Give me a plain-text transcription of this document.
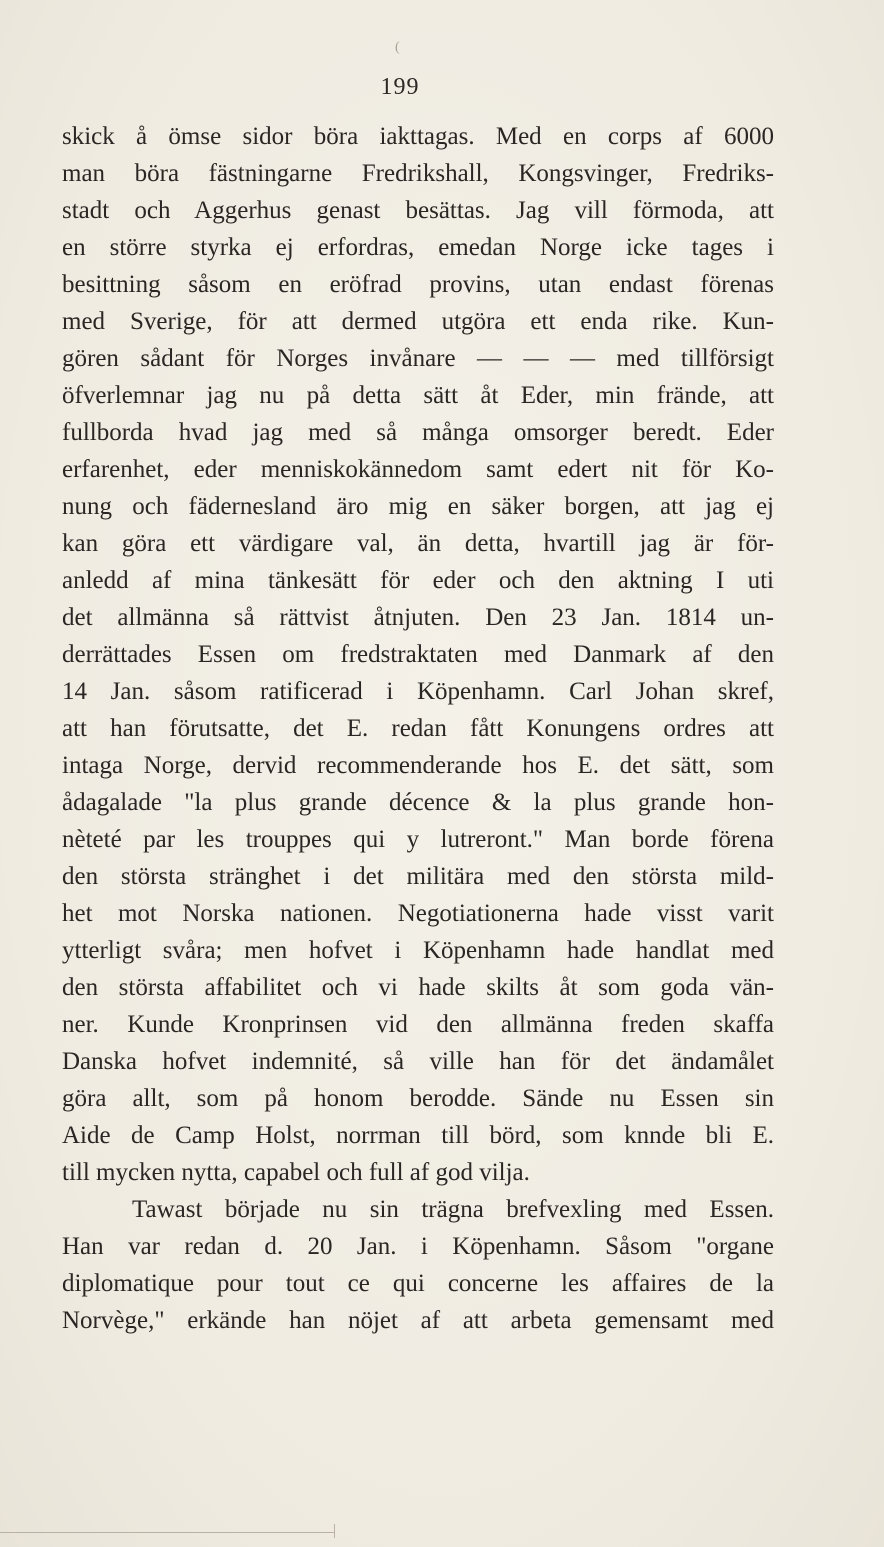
(
199
skick å ömse sidor böra iakttagas. Med en corps af 6000
man böra fästningarne Fredrikshall, Kongsvinger, Fredriks-
stadt och Aggerhus genast besättas. Jag vill förmoda, att
en större styrka ej erfordras, emedan Norge icke tages i
besittning såsom en eröfrad provins, utan endast förenas
med Sverige, för att dermed utgöra ett enda rike. Kun-
gören sådant för Norges invånare — — — med tillförsigt
öfverlemnar jag nu på detta sätt åt Eder, min frände, att
fullborda hvad jag med så många omsorger beredt. Eder
erfarenhet, eder menniskokännedom samt edert nit för Ko-
nung och fäderneslаnd äro mig en säker borgen, att jag ej
kan göra ett värdigare val, än detta, hvartill jag är för-
anledd af mina tänkesätt för eder och den aktning I uti
det allmänna så rättvist åtnjuten. Den 23 Jan. 1814 un-
derrättades Essen om fredstraktaten med Danmark af den
14 Jan. såsom ratificerad i Köpenhamn. Carl Johan skref,
att han förutsatte, det E. redan fått Konungens ordres att
intaga Norge, dervid recommenderande hos E. det sätt, som
ådagalade "la plus grande décence & la plus grande hon-
nèteté par les trouppes qui y lutreront." Man borde förena
den största stränghet i det militära med den största mild-
het mot Norska nationen. Negotiationerna hade visst varit
ytterligt svåra; men hofvet i Köpenhamn hade handlat med
den största affabilitet och vi hade skilts åt som goda vän-
ner. Kunde Kronprinsen vid den allmänna freden skaffa
Danska hofvet indemnité, så ville han för det ändamålet
göra allt, som på honom berodde. Sände nu Essen sin
Aide de Camp Holst, norrman till börd, som knnde bli E.
till mycken nytta, capabel och full af god vilja.
Tawast började nu sin trägna brefvexling med Essen.
Han var redan d. 20 Jan. i Köpenhamn. Såsom "organe
diplomatique pour tout ce qui concerne les affaires de la
Norvège," erkände han nöjet af att arbeta gemensamt med
